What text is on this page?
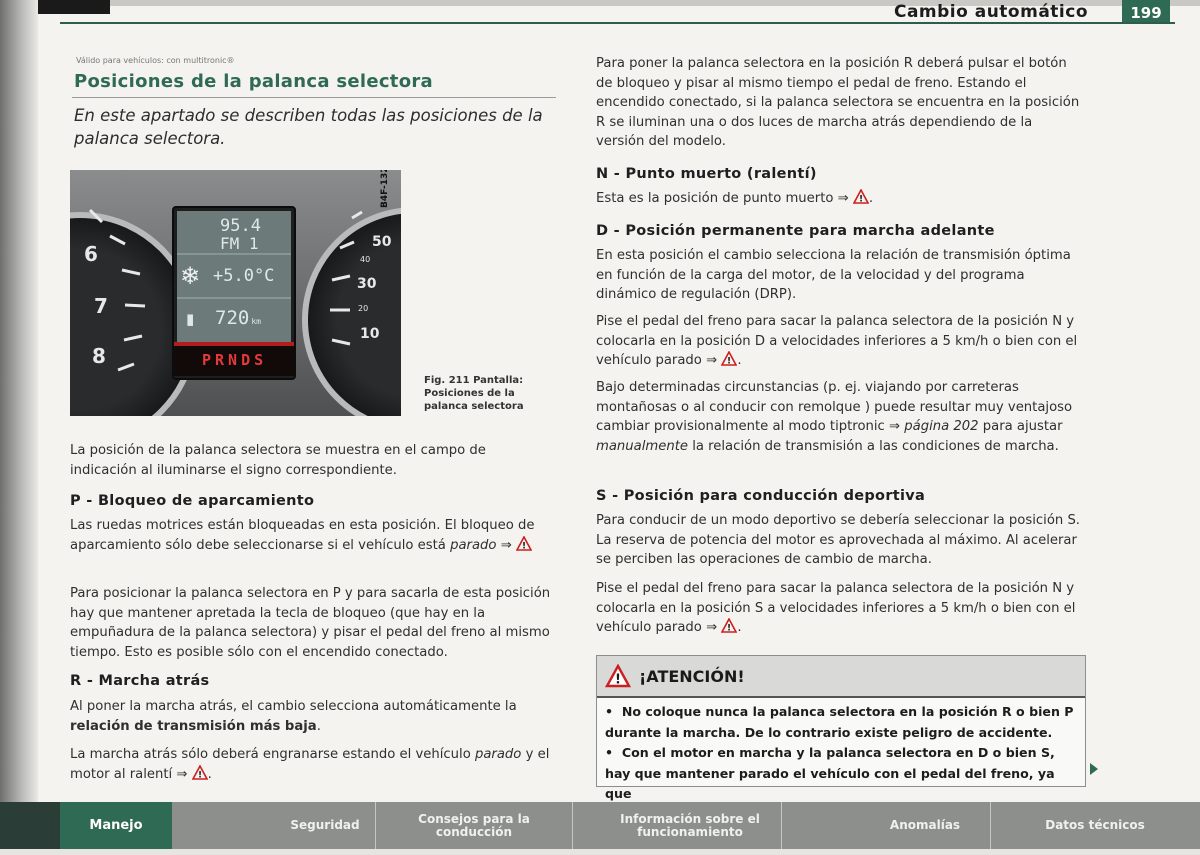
Cambio automático	199
Válido para vehículos: con multitronic®
Posiciones de la palanca selectora
En este apartado se describen todas las posiciones de la palanca selectora.
95.4
FM 1
❄ +5.0°C
▮ 720 km
PRNDS
6
7
8
50
40
30
20
10
Fig. 211 Pantalla: Posiciones de la palanca selectora

La posición de la palanca selectora se muestra en el campo de indicación al iluminarse el signo correspondiente.

P - Bloqueo de aparcamiento

Las ruedas motrices están bloqueadas en esta posición. El bloqueo de aparcamiento sólo debe seleccionarse si el vehículo está parado ⇒ !

Para posicionar la palanca selectora en P y para sacarla de esta posición hay que mantener apretada la tecla de bloqueo (que hay en la empuñadura de la palanca selectora) y pisar el pedal del freno al mismo tiempo. Esto es posible sólo con el encendido conectado.

R - Marcha atrás

Al poner la marcha atrás, el cambio selecciona automáticamente la relación de transmisión más baja.

La marcha atrás sólo deberá engranarse estando el vehículo parado y el motor al ralentí ⇒ ! .

Para poner la palanca selectora en la posición R deberá pulsar el botón de bloqueo y pisar al mismo tiempo el pedal de freno. Estando el encendido conectado, si la palanca selectora se encuentra en la posición R se iluminan una o dos luces de marcha atrás dependiendo de la versión del modelo.

N - Punto muerto (ralentí)

Esta es la posición de punto muerto ⇒ ! .

D - Posición permanente para marcha adelante

En esta posición el cambio selecciona la relación de transmisión óptima en función de la carga del motor, de la velocidad y del programa dinámico de regulación (DRP).

Pise el pedal del freno para sacar la palanca selectora de la posición N y colocarla en la posición D a velocidades inferiores a 5 km/h o bien con el vehículo parado ⇒ ! .

Bajo determinadas circunstancias (p. ej. viajando por carreteras montañosas o al conducir con remolque ) puede resultar muy ventajoso cambiar provisionalmente al modo tiptronic ⇒ página 202 para ajustar manualmente la relación de transmisión a las condiciones de marcha.

S - Posición para conducción deportiva

Para conducir de un modo deportivo se debería seleccionar la posición S. La reserva de potencia del motor es aprovechada al máximo. Al acelerar se perciben las operaciones de cambio de marcha.

Pise el pedal del freno para sacar la palanca selectora de la posición N y colocarla en la posición S a velocidades inferiores a 5 km/h o bien con el vehículo parado ⇒ ! .

! ¡ATENCIÓN!
•  No coloque nunca la palanca selectora en la posición R o bien P durante la marcha. De lo contrario existe peligro de accidente.
•  Con el motor en marcha y la palanca selectora en D o bien S, hay que mantener parado el vehículo con el pedal del freno, ya que
Manejo	Seguridad	Consejos para la conducción
Información sobre el funcionamiento	Anomalías	Datos técnicos
